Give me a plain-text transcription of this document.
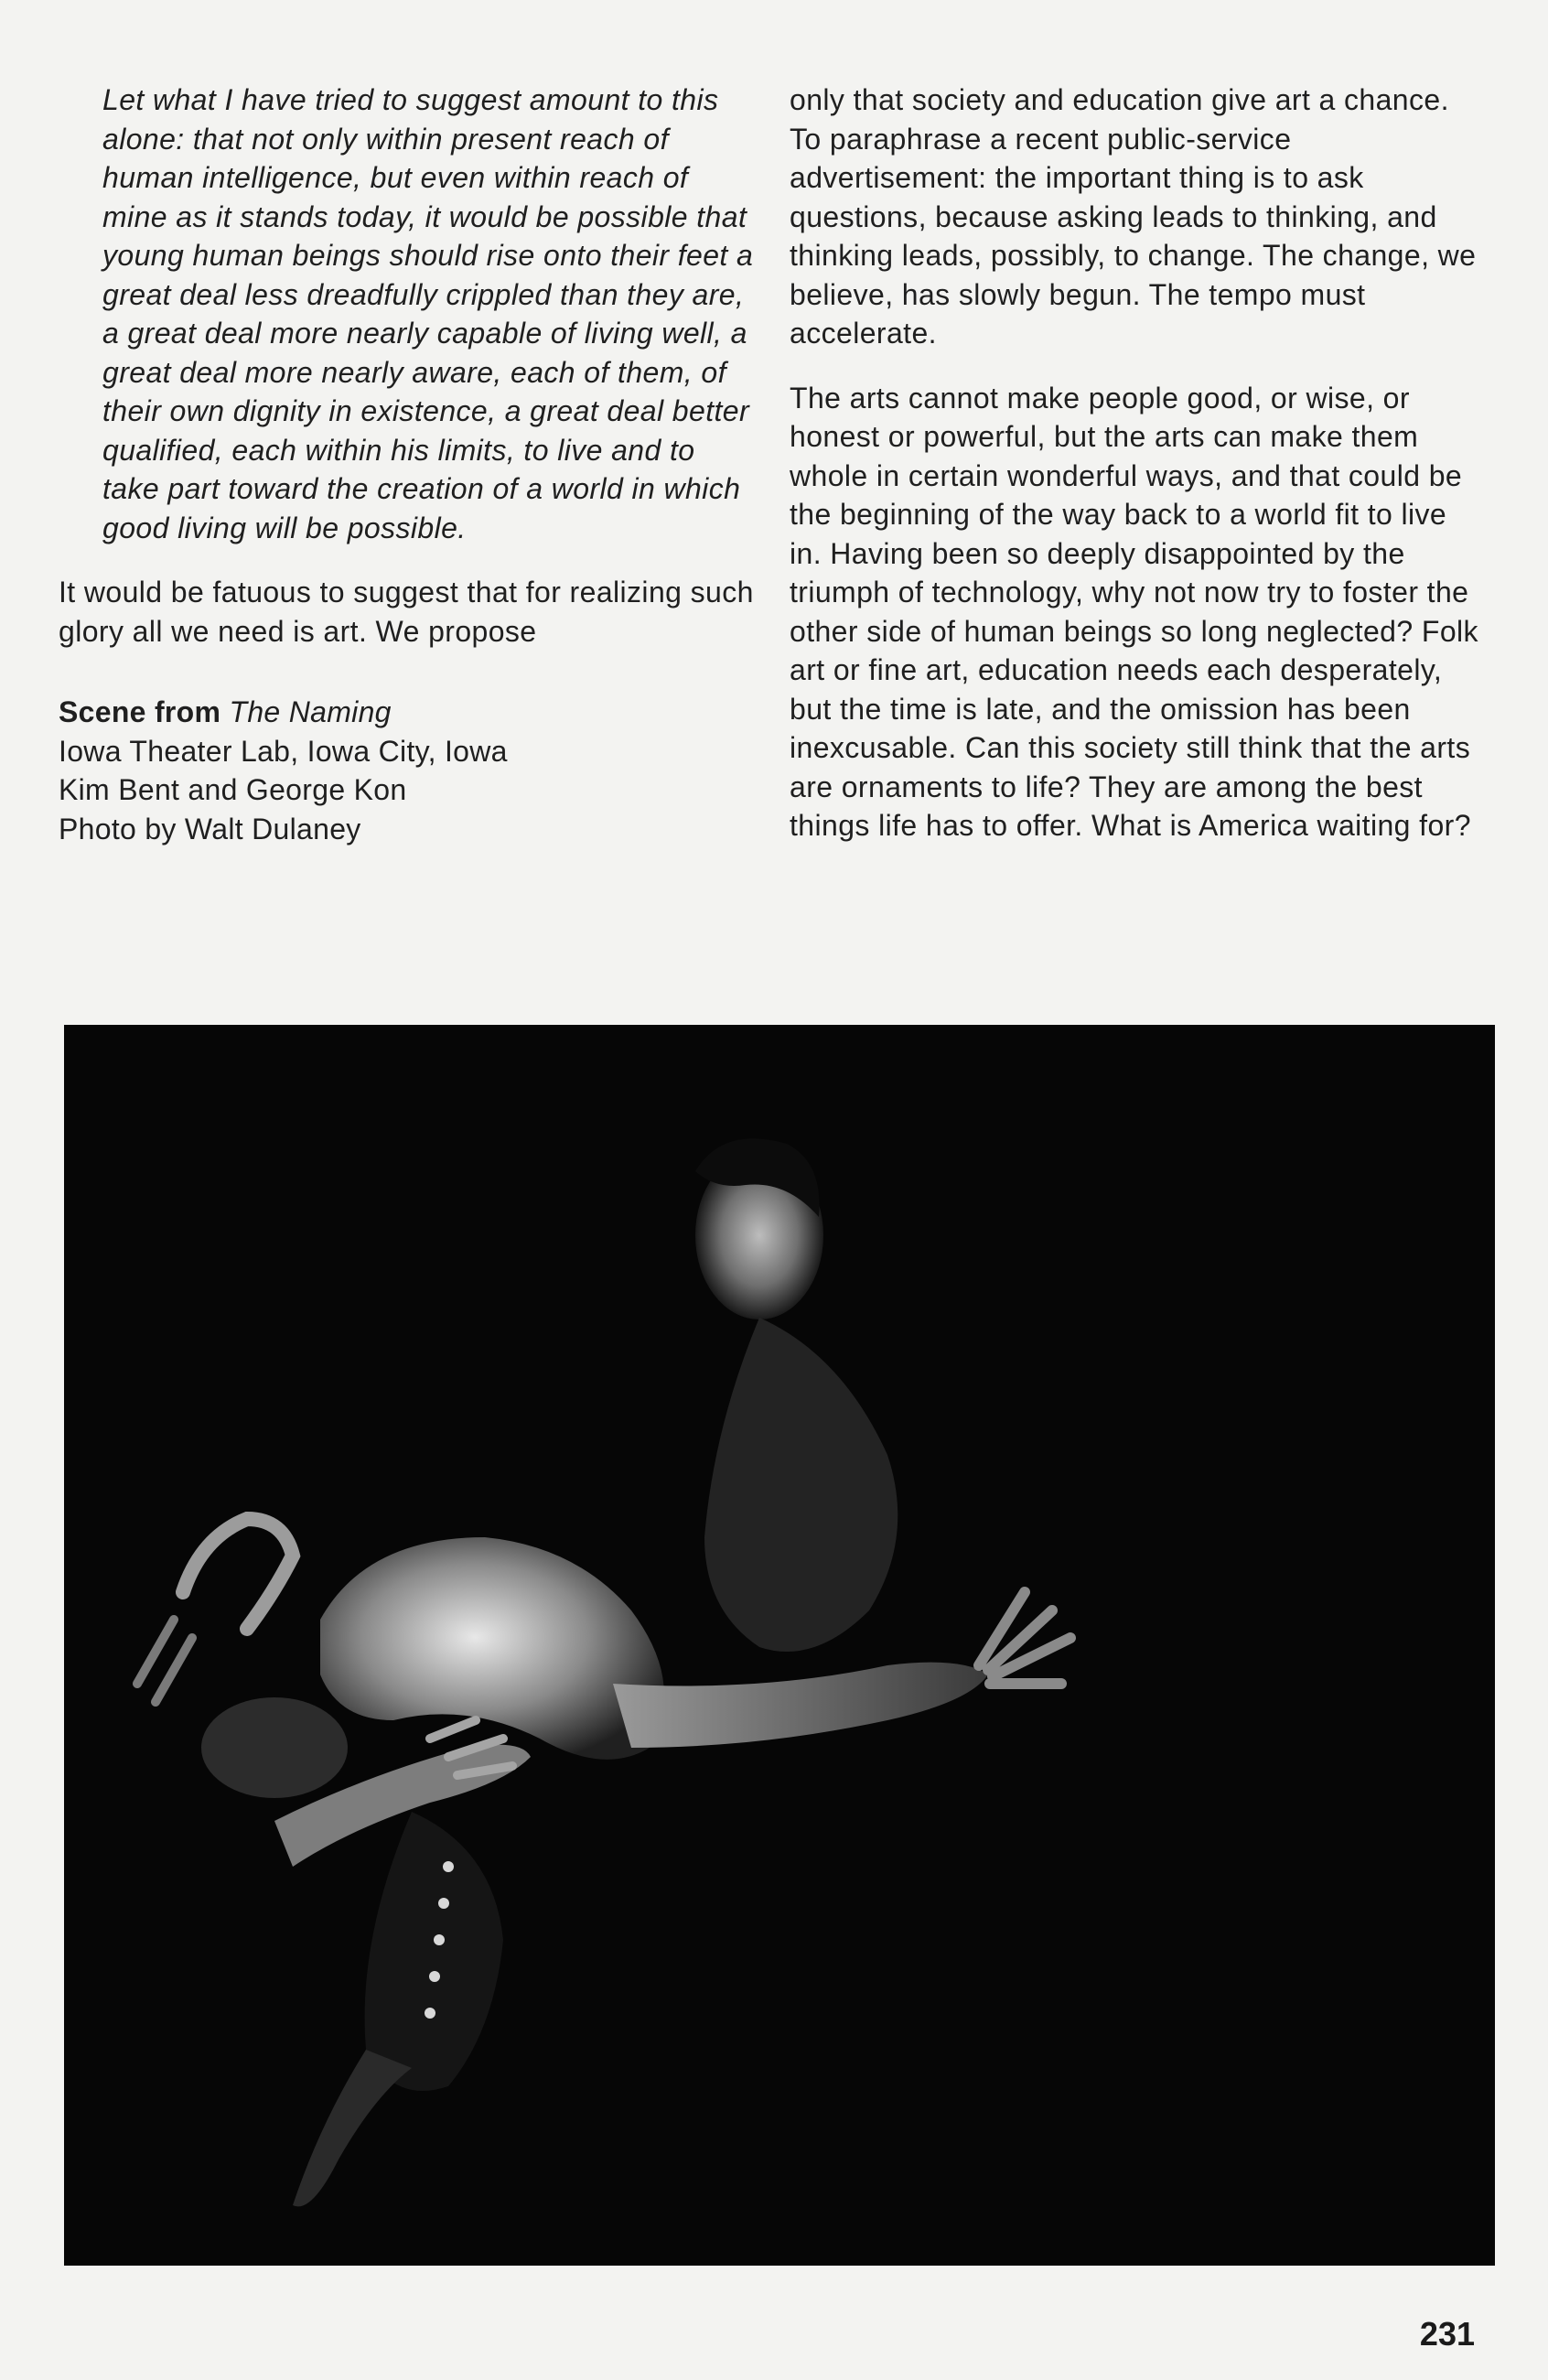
Let what I have tried to suggest amount to this alone: that not only within present reach of human intelligence, but even within reach of mine as it stands today, it would be possible that young human beings should rise onto their feet a great deal less dreadfully crippled than they are, a great deal more nearly capable of living well, a great deal more nearly aware, each of them, of their own dignity in existence, a great deal better qualified, each within his limits, to live and to take part toward the creation of a world in which good living will be possible.

It would be fatuous to suggest that for realizing such glory all we need is art. We propose

Scene from The Naming
Iowa Theater Lab, Iowa City, Iowa
Kim Bent and George Kon
Photo by Walt Dulaney

only that society and education give art a chance. To paraphrase a recent public-service advertisement: the important thing is to ask questions, because asking leads to thinking, and thinking leads, possibly, to change. The change, we believe, has slowly begun. The tempo must accelerate.

The arts cannot make people good, or wise, or honest or powerful, but the arts can make them whole in certain wonderful ways, and that could be the beginning of the way back to a world fit to live in. Having been so deeply disappointed by the triumph of technology, why not now try to foster the other side of human beings so long neglected? Folk art or fine art, education needs each desperately, but the time is late, and the omission has been inexcusable. Can this society still think that the arts are ornaments to life? They are among the best things life has to offer. What is America waiting for?

231
